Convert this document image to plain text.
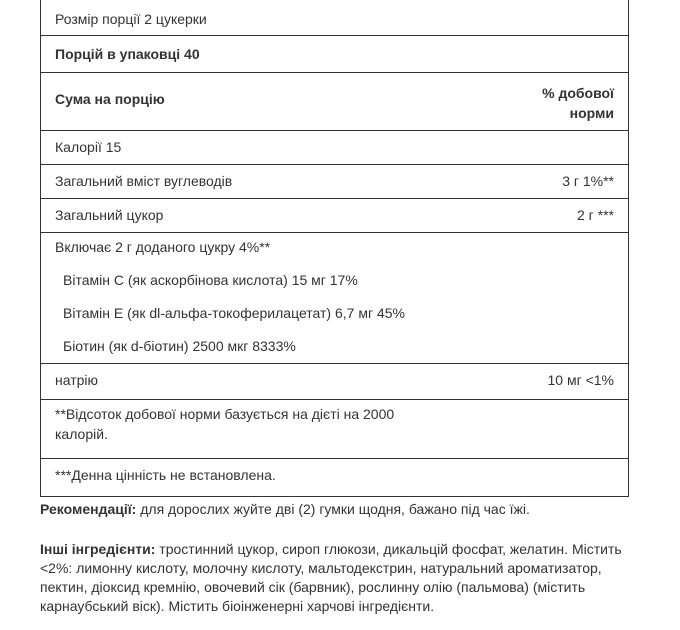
Розмір порції 2 цукерки
Порцій в упаковці 40
Сума на порцію	% добової норми
Калорії 15
Загальний вміст вуглеводів	3 г 1%**
Загальний цукор	2 г ***
Включає 2 г доданого цукру 4%**
Вітамін C (як аскорбінова кислота) 15 мг 17%
Вітамін E (як dl-альфа-токоферилацетат) 6,7 мг 45%
Біотин (як d-біотин) 2500 мкг 8333%
натрію	10 мг <1%
**Відсоток добової норми базується на дієті на 2000 калорій.
***Денна цінність не встановлена.
Рекомендації: для дорослих жуйте дві (2) гумки щодня, бажано під час їжі.
Інші інгредієнти: тростинний цукор, сироп глюкози, дикальцій фосфат, желатин. Містить <2%: лимонну кислоту, молочну кислоту, мальтодекстрин, натуральний ароматизатор, пектин, діоксид кремнію, овочевий сік (барвник), рослинну олію (пальмова) (містить карнаубський віск). Містить біоінженерні харчові інгредієнти.
